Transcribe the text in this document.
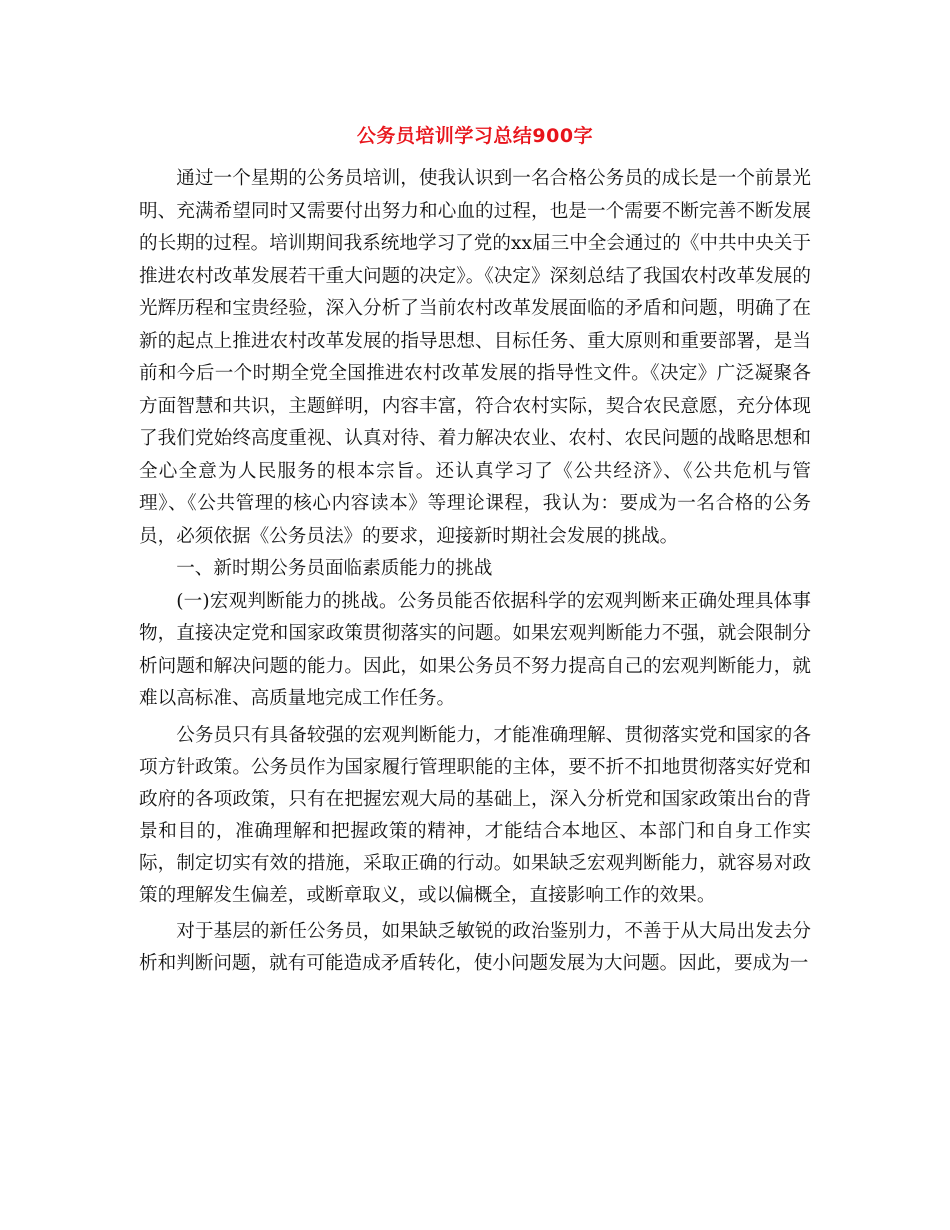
公务员培训学习总结900字

通过一个星期的公务员培训，使我认识到一名合格公务员的成长是一个前景光明、充满希望同时又需要付出努力和心血的过程，也是一个需要不断完善不断发展的长期的过程。培训期间我系统地学习了党的xx届三中全会通过的《中共中央关于推进农村改革发展若干重大问题的决定》。《决定》深刻总结了我国农村改革发展的光辉历程和宝贵经验，深入分析了当前农村改革发展面临的矛盾和问题，明确了在新的起点上推进农村改革发展的指导思想、目标任务、重大原则和重要部署，是当前和今后一个时期全党全国推进农村改革发展的指导性文件。《决定》广泛凝聚各方面智慧和共识，主题鲜明，内容丰富，符合农村实际，契合农民意愿，充分体现了我们党始终高度重视、认真对待、着力解决农业、农村、农民问题的战略思想和全心全意为人民服务的根本宗旨。还认真学习了《公共经济》、《公共危机与管理》、《公共管理的核心内容读本》等理论课程，我认为：要成为一名合格的公务员，必须依据《公务员法》的要求，迎接新时期社会发展的挑战。

一、新时期公务员面临素质能力的挑战

(一)宏观判断能力的挑战。公务员能否依据科学的宏观判断来正确处理具体事物，直接决定党和国家政策贯彻落实的问题。如果宏观判断能力不强，就会限制分析问题和解决问题的能力。因此，如果公务员不努力提高自己的宏观判断能力，就难以高标准、高质量地完成工作任务。

公务员只有具备较强的宏观判断能力，才能准确理解、贯彻落实党和国家的各项方针政策。公务员作为国家履行管理职能的主体，要不折不扣地贯彻落实好党和政府的各项政策，只有在把握宏观大局的基础上，深入分析党和国家政策出台的背景和目的，准确理解和把握政策的精神，才能结合本地区、本部门和自身工作实际，制定切实有效的措施，采取正确的行动。如果缺乏宏观判断能力，就容易对政策的理解发生偏差，或断章取义，或以偏概全，直接影响工作的效果。

对于基层的新任公务员，如果缺乏敏锐的政治鉴别力，不善于从大局出发去分析和判断问题，就有可能造成矛盾转化，使小问题发展为大问题。因此，要成为一
